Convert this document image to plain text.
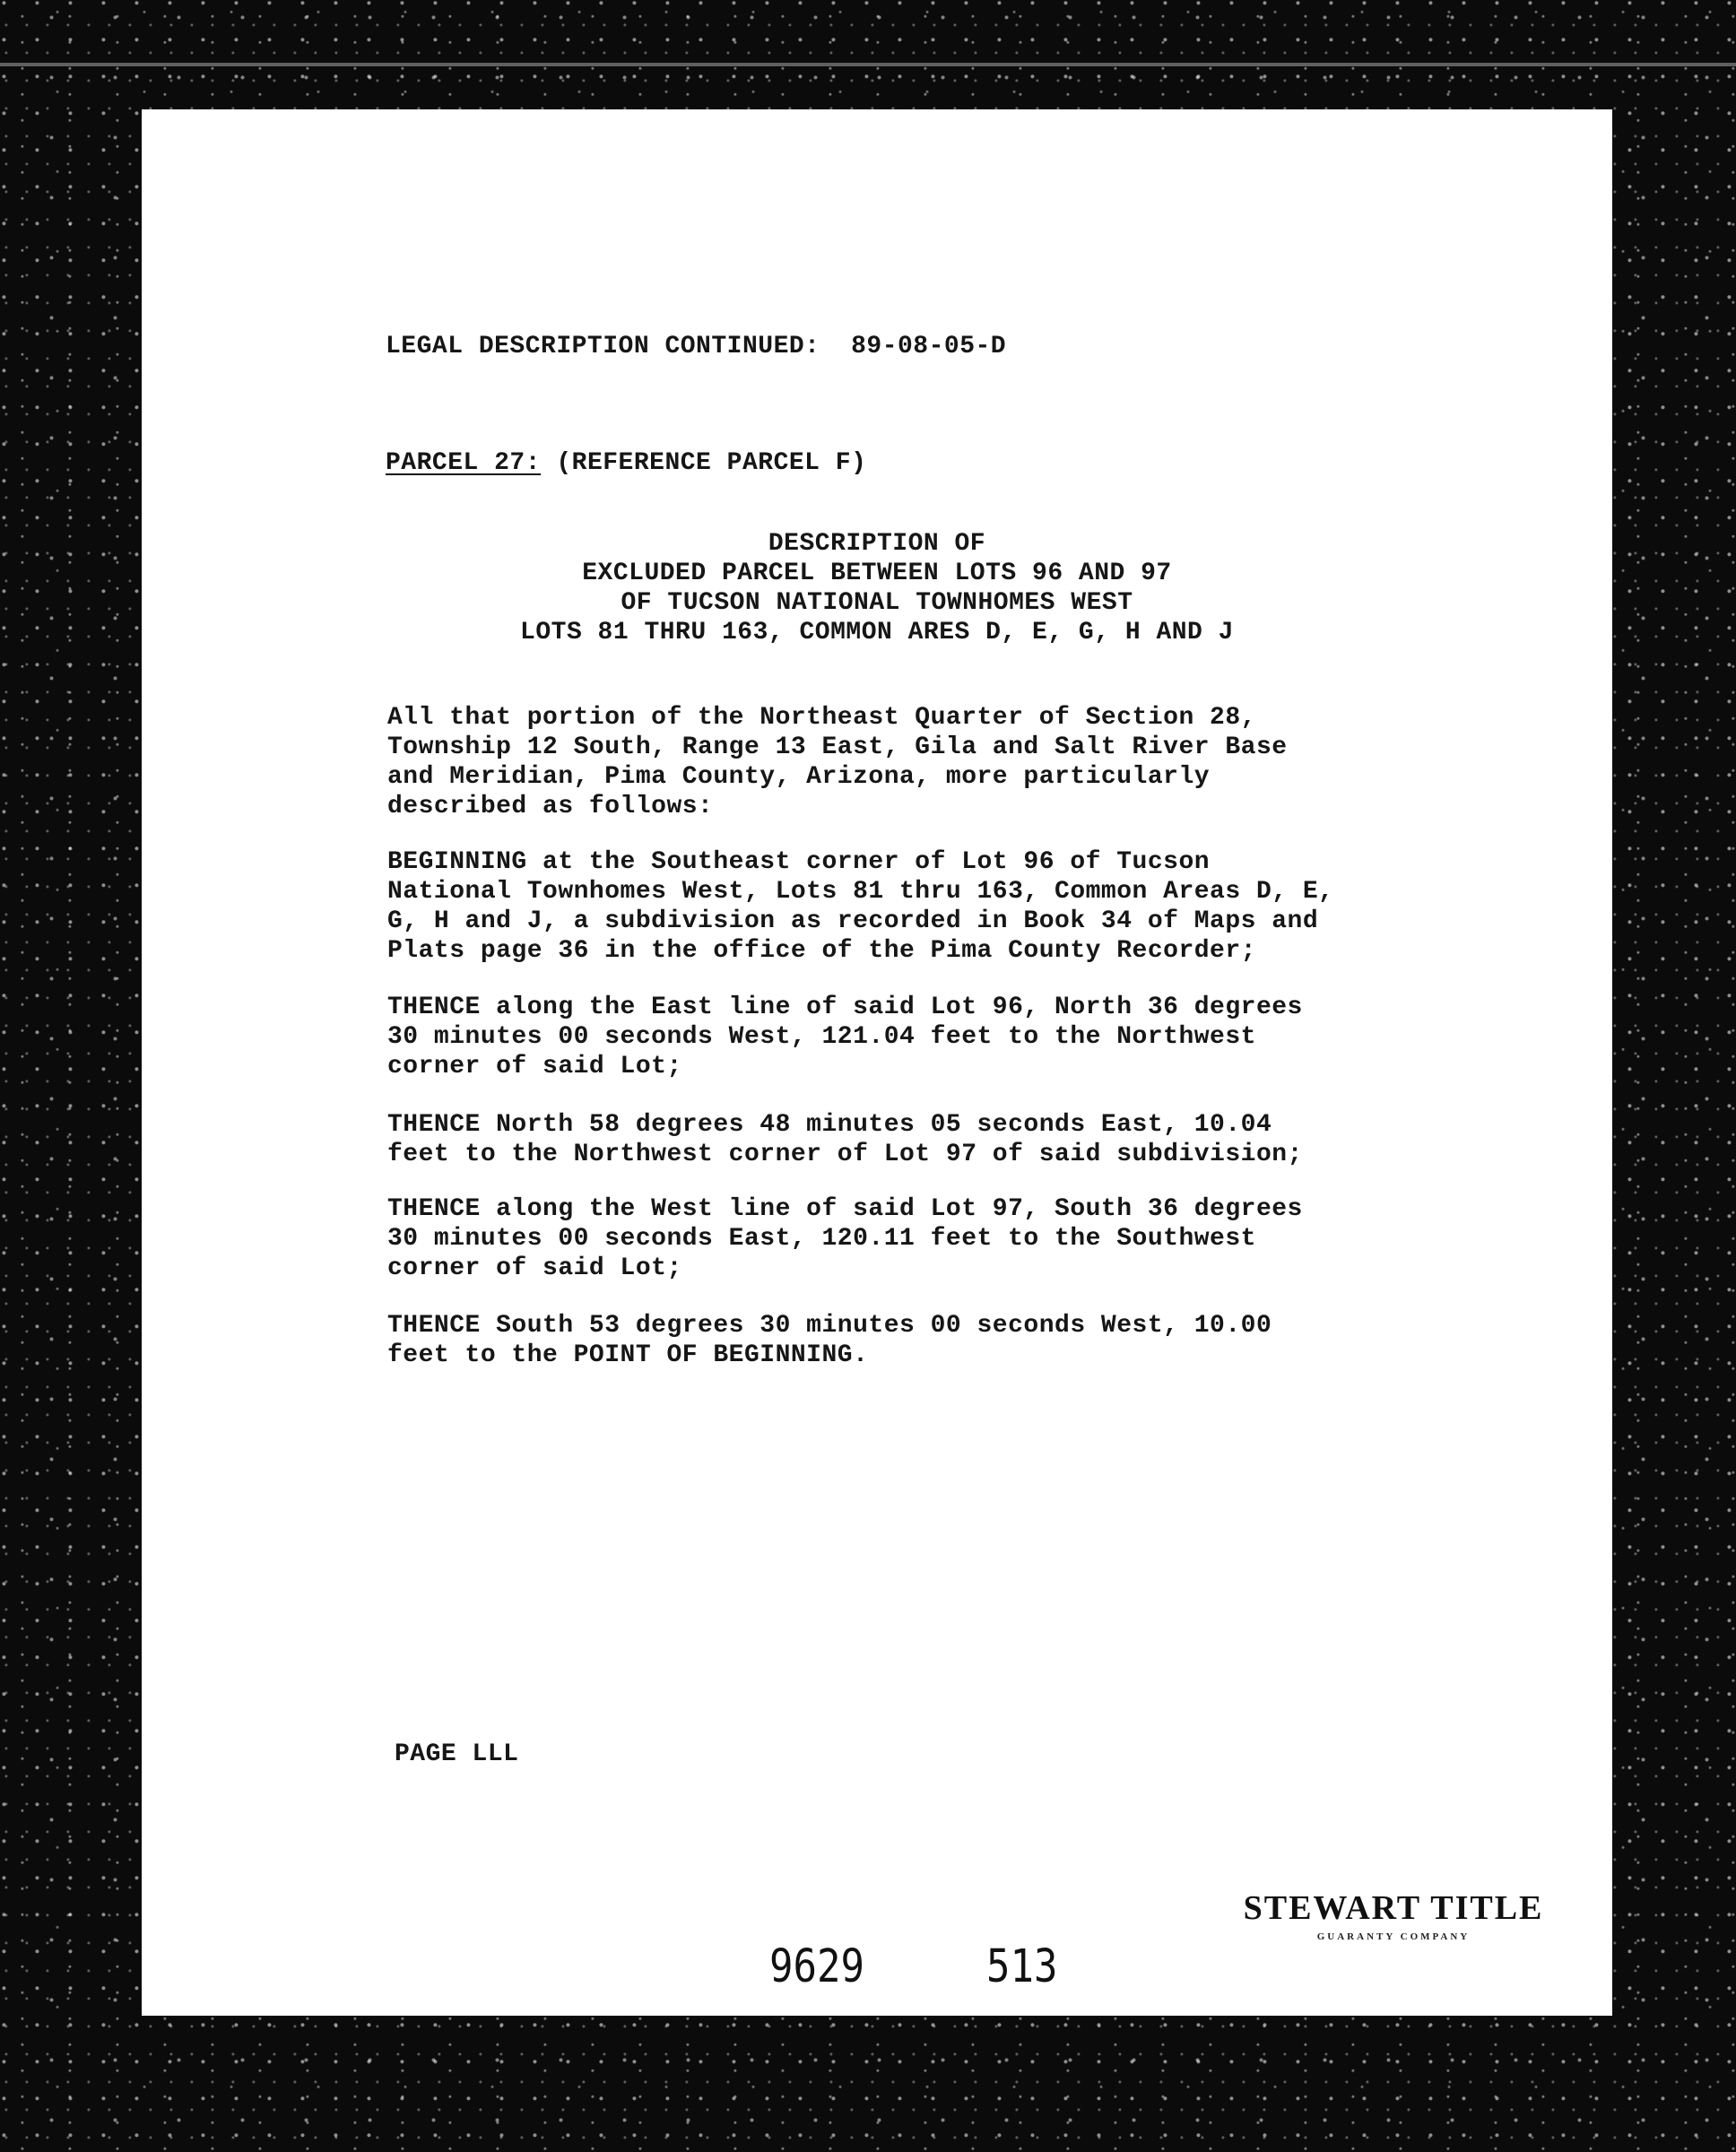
LEGAL DESCRIPTION CONTINUED:  89-08-05-D
PARCEL 27: (REFERENCE PARCEL F)
DESCRIPTION OF
EXCLUDED PARCEL BETWEEN LOTS 96 AND 97
OF TUCSON NATIONAL TOWNHOMES WEST
LOTS 81 THRU 163, COMMON ARES D, E, G, H AND J
All that portion of the Northeast Quarter of Section 28,
Township 12 South, Range 13 East, Gila and Salt River Base
and Meridian, Pima County, Arizona, more particularly
described as follows:
BEGINNING at the Southeast corner of Lot 96 of Tucson
National Townhomes West, Lots 81 thru 163, Common Areas D, E,
G, H and J, a subdivision as recorded in Book 34 of Maps and
Plats page 36 in the office of the Pima County Recorder;
THENCE along the East line of said Lot 96, North 36 degrees
30 minutes 00 seconds West, 121.04 feet to the Northwest
corner of said Lot;
THENCE North 58 degrees 48 minutes 05 seconds East, 10.04
feet to the Northwest corner of Lot 97 of said subdivision;
THENCE along the West line of said Lot 97, South 36 degrees
30 minutes 00 seconds East, 120.11 feet to the Southwest
corner of said Lot;
THENCE South 53 degrees 30 minutes 00 seconds West, 10.00
feet to the POINT OF BEGINNING.
PAGE LLL
STEWART TITLE
GUARANTY COMPANY
9629	513
